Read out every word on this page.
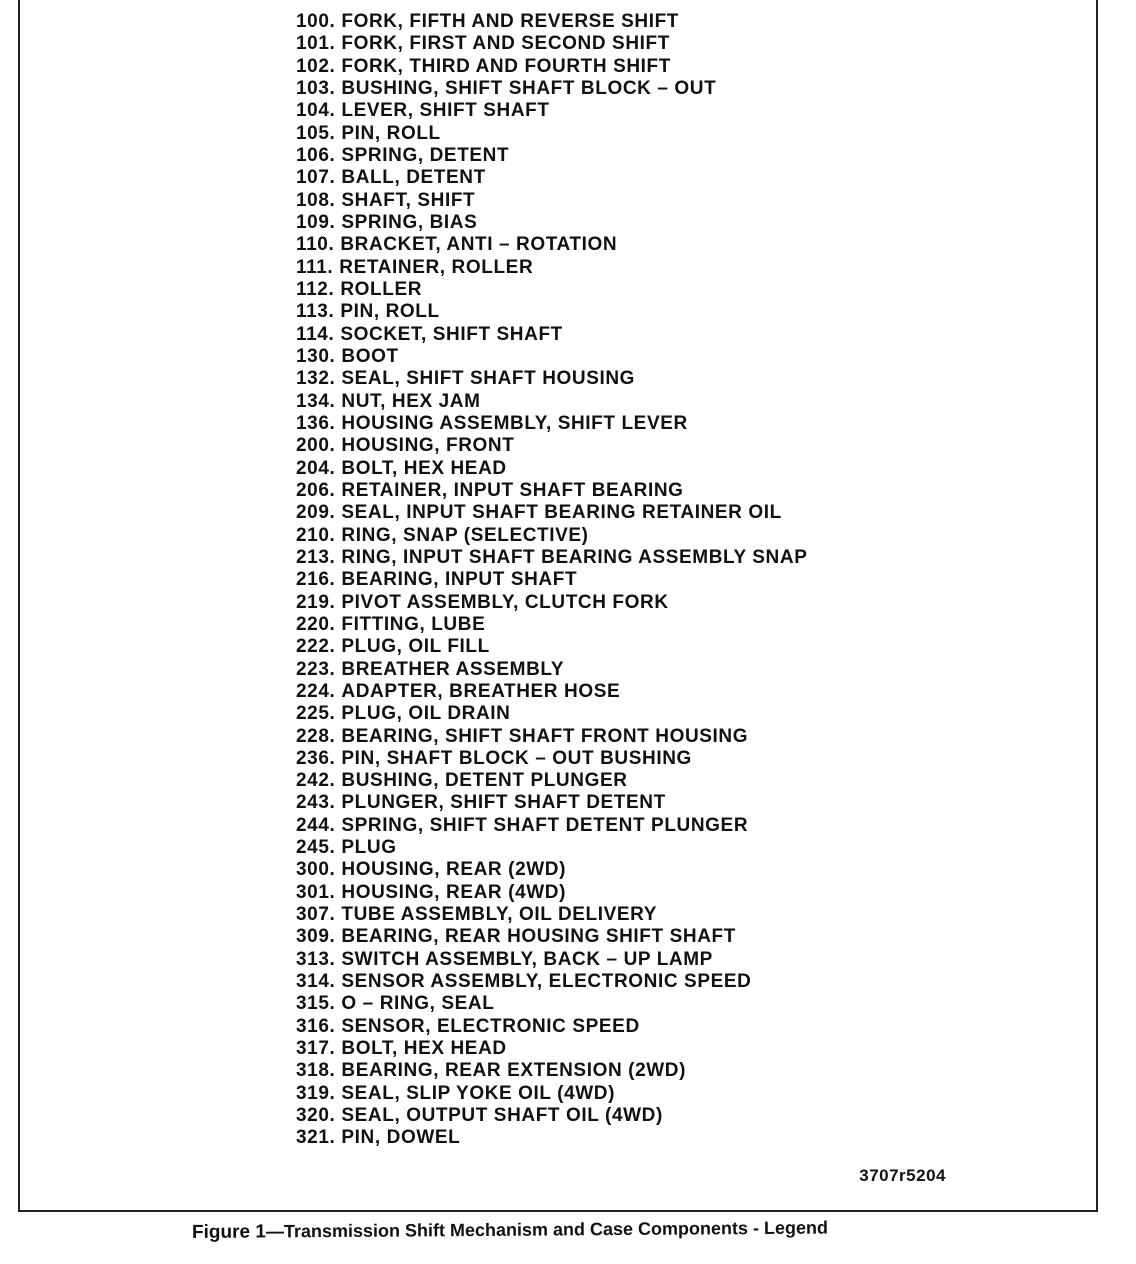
100. FORK, FIFTH AND REVERSE SHIFT
101. FORK, FIRST AND SECOND SHIFT
102. FORK, THIRD AND FOURTH SHIFT
103. BUSHING, SHIFT SHAFT BLOCK – OUT
104. LEVER, SHIFT SHAFT
105. PIN, ROLL
106. SPRING, DETENT
107. BALL, DETENT
108. SHAFT, SHIFT
109. SPRING, BIAS
110. BRACKET, ANTI – ROTATION
111. RETAINER, ROLLER
112. ROLLER
113. PIN, ROLL
114. SOCKET, SHIFT SHAFT
130. BOOT
132. SEAL, SHIFT SHAFT HOUSING
134. NUT, HEX JAM
136. HOUSING ASSEMBLY, SHIFT LEVER
200. HOUSING, FRONT
204. BOLT, HEX HEAD
206. RETAINER, INPUT SHAFT BEARING
209. SEAL, INPUT SHAFT BEARING RETAINER OIL
210. RING, SNAP (SELECTIVE)
213. RING, INPUT SHAFT BEARING ASSEMBLY SNAP
216. BEARING, INPUT SHAFT
219. PIVOT ASSEMBLY, CLUTCH FORK
220. FITTING, LUBE
222. PLUG, OIL FILL
223. BREATHER ASSEMBLY
224. ADAPTER, BREATHER HOSE
225. PLUG, OIL DRAIN
228. BEARING, SHIFT SHAFT FRONT HOUSING
236. PIN, SHAFT BLOCK – OUT BUSHING
242. BUSHING, DETENT PLUNGER
243. PLUNGER, SHIFT SHAFT DETENT
244. SPRING, SHIFT SHAFT DETENT PLUNGER
245. PLUG
300. HOUSING, REAR (2WD)
301. HOUSING, REAR (4WD)
307. TUBE ASSEMBLY, OIL DELIVERY
309. BEARING, REAR HOUSING SHIFT SHAFT
313. SWITCH ASSEMBLY, BACK – UP LAMP
314. SENSOR ASSEMBLY, ELECTRONIC SPEED
315. O – RING, SEAL
316. SENSOR, ELECTRONIC SPEED
317. BOLT, HEX HEAD
318. BEARING, REAR EXTENSION (2WD)
319. SEAL, SLIP YOKE OIL (4WD)
320. SEAL, OUTPUT SHAFT OIL (4WD)
321. PIN, DOWEL
3707r5204
Figure 1—Transmission Shift Mechanism and Case Components - Legend
